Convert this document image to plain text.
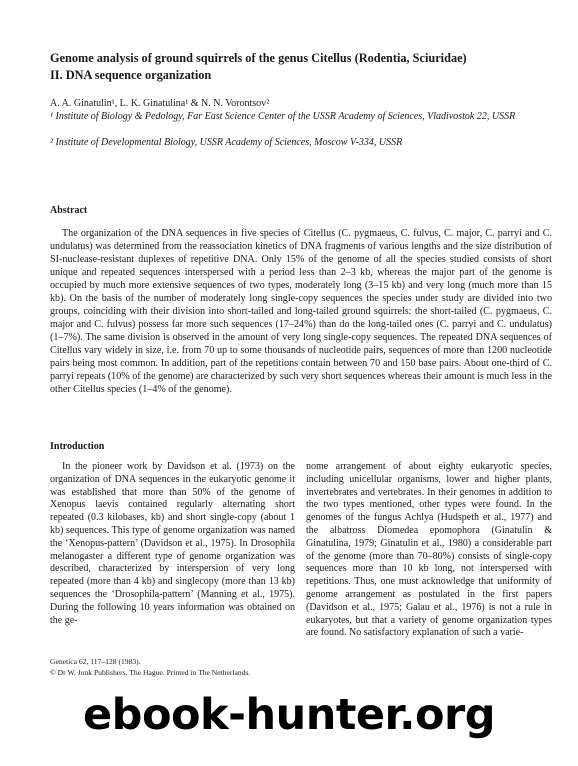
Genome analysis of ground squirrels of the genus Citellus (Rodentia, Sciuridae)
II. DNA sequence organization
A. A. Ginatulin¹, L. K. Ginatulina¹ & N. N. Vorontsov²
¹ Institute of Biology & Pedology, Far East Science Center of the USSR Academy of Sciences, Vladivostok 22, USSR
² Institute of Developmental Biology, USSR Academy of Sciences, Moscow V-334, USSR
Abstract

The organization of the DNA sequences in five species of Citellus (C. pygmaeus, C. fulvus, C. major, C. parryi and C. undulatus) was determined from the reassociation kinetics of DNA fragments of various lengths and the size distribution of SI-nuclease-resistant duplexes of repetitive DNA. Only 15% of the genome of all the species studied consists of short unique and repeated sequences interspersed with a period less than 2–3 kb, whereas the major part of the genome is occupied by much more extensive sequences of two types, moderately long (3–15 kb) and very long (much more than 15 kb). On the basis of the number of moderately long single-copy sequences the species under study are divided into two groups, coinciding with their division into short-tailed and long-tailed ground squirrels: the short-tailed (C. pygmaeus, C. major and C. fulvus) possess far more such sequences (17–24%) than do the long-tailed ones (C. parryi and C. undulatus) (1–7%). The same division is observed in the amount of very long single-copy sequences. The repeated DNA sequences of Citellus vary widely in size, i.e. from 70 up to some thousands of nucleotide pairs, sequences of more than 1200 nucleotide pairs being most common. In addition, part of the repetitions contain between 70 and 150 base pairs. About one-third of C. parryi repeats (10% of the genome) are characterized by such very short sequences whereas their amount is much less in the other Citellus species (1–4% of the genome).

Introduction

In the pioneer work by Davidson et al. (1973) on the organization of DNA sequences in the eukaryotic genome it was established that more than 50% of the genome of Xenopus laevis contained regularly alternating short repeated (0.3 kilobases, kb) and short single-copy (about 1 kb) sequences. This type of genome organization was named the ‘Xenopus-pattern’ (Davidson et al., 1975). In Drosophila melanogaster a different type of genome organization was described, characterized by interspersion of very long repeated (more than 4 kb) and singlecopy (more than 13 kb) sequences the ‘Drosophila-pattern’ (Manning et al., 1975). During the following 10 years information was obtained on the ge-

nome arrangement of about eighty eukaryotic species, including unicellular organisms, lower and higher plants, invertebrates and vertebrates. In their genomes in addition to the two types mentioned, other types were found. In the genomes of the fungus Achlya (Hudspeth et al., 1977) and the albatross Diomedea epomophora (Ginatulin & Ginatulina, 1979; Ginatulin et al., 1980) a considerable part of the genome (more than 70–80%) consists of single-copy sequences more than 10 kb long, not interspersed with repetitions. Thus, one must acknowledge that uniformity of genome arrangement as postulated in the first papers (Davidson et al., 1975; Galau et al., 1976) is not a rule in eukaryotes, but that a variety of genome organization types are found. No satisfactory explanation of such a varie-

Genetica 62, 117–128 (1983).
© Dr W. Junk Publishers, The Hague. Printed in The Netherlands.
ebook-hunter.org
